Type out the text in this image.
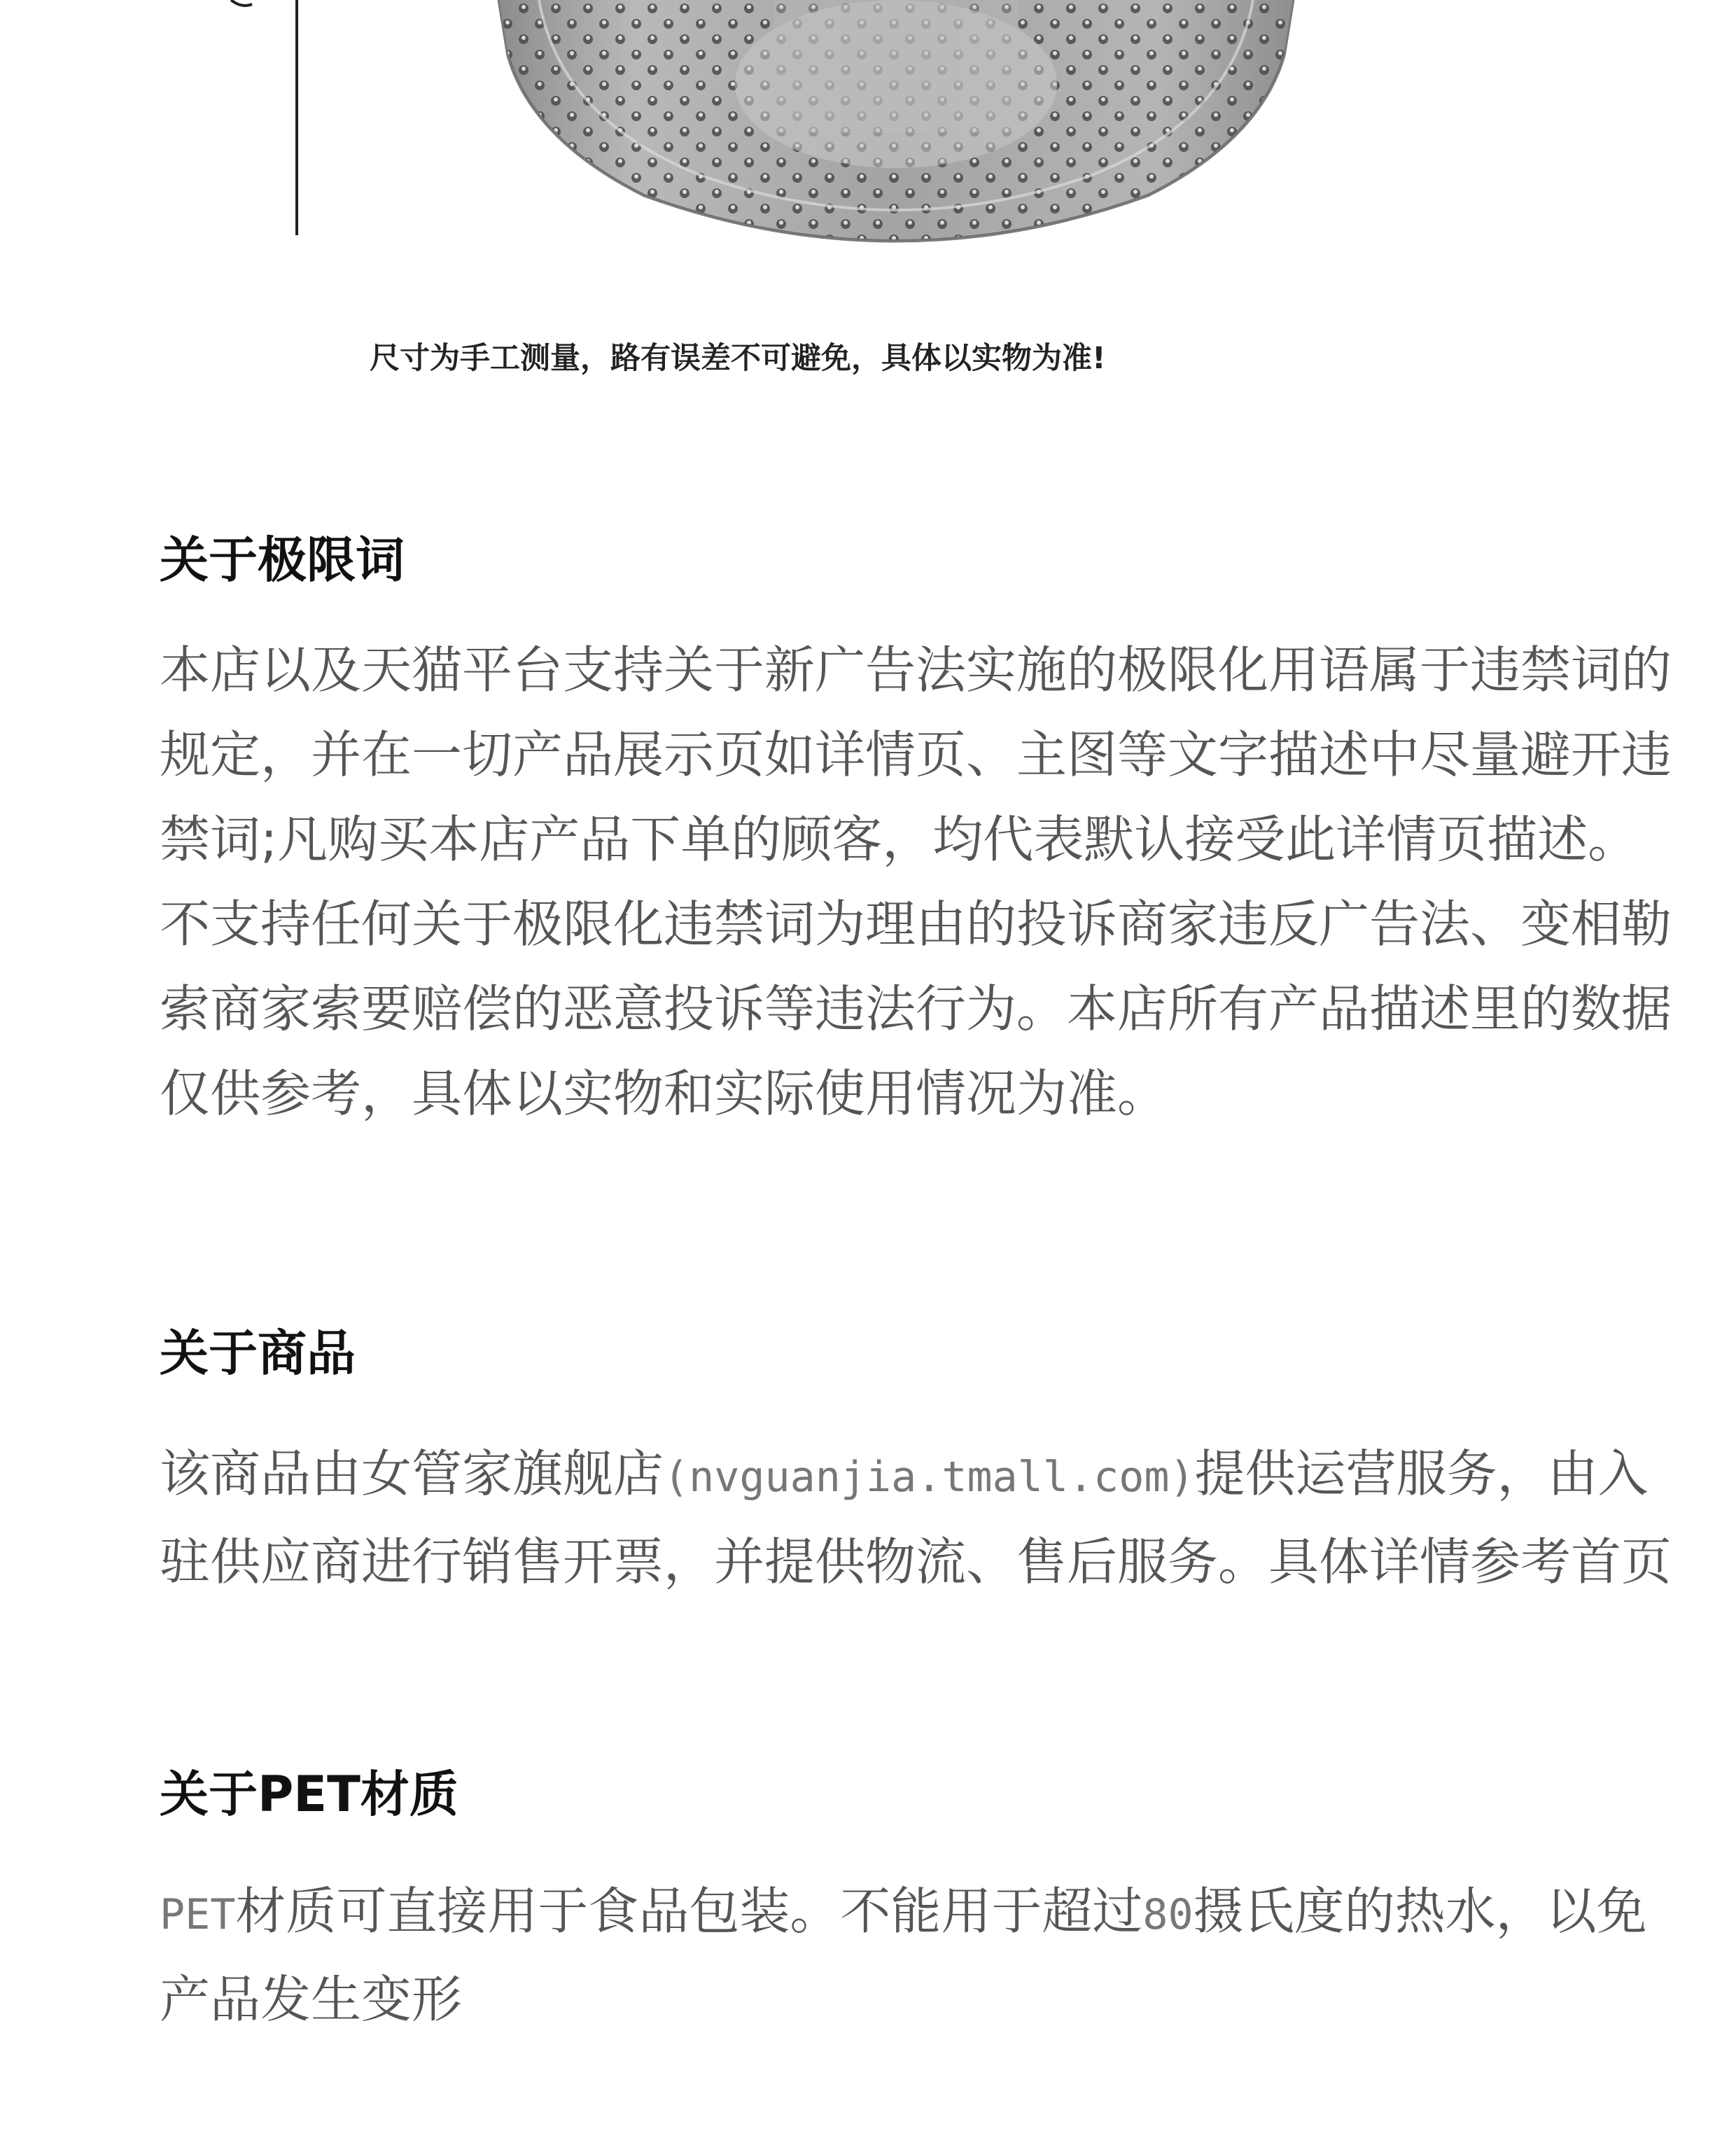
尺寸为手工测量，路有误差不可避免，具体以实物为准!
关于极限词

本店以及天猫平台支持关于新广告法实施的极限化用语属于违禁词的规定，并在一切产品展示页如详情页、主图等文字描述中尽量避开违禁词;凡购买本店产品下单的顾客，均代表默认接受此详情页描述。不支持任何关于极限化违禁词为理由的投诉商家违反广告法、变相勒索商家索要赔偿的恶意投诉等违法行为。本店所有产品描述里的数据仅供参考，具体以实物和实际使用情况为准。

关于商品

该商品由女管家旗舰店(nvguanjia.tmall.com)提供运营服务，由入驻供应商进行销售开票，并提供物流、售后服务。具体详情参考首页

关于PET材质

PET材质可直接用于食品包装。不能用于超过80摄氏度的热水，以免产品发生变形
